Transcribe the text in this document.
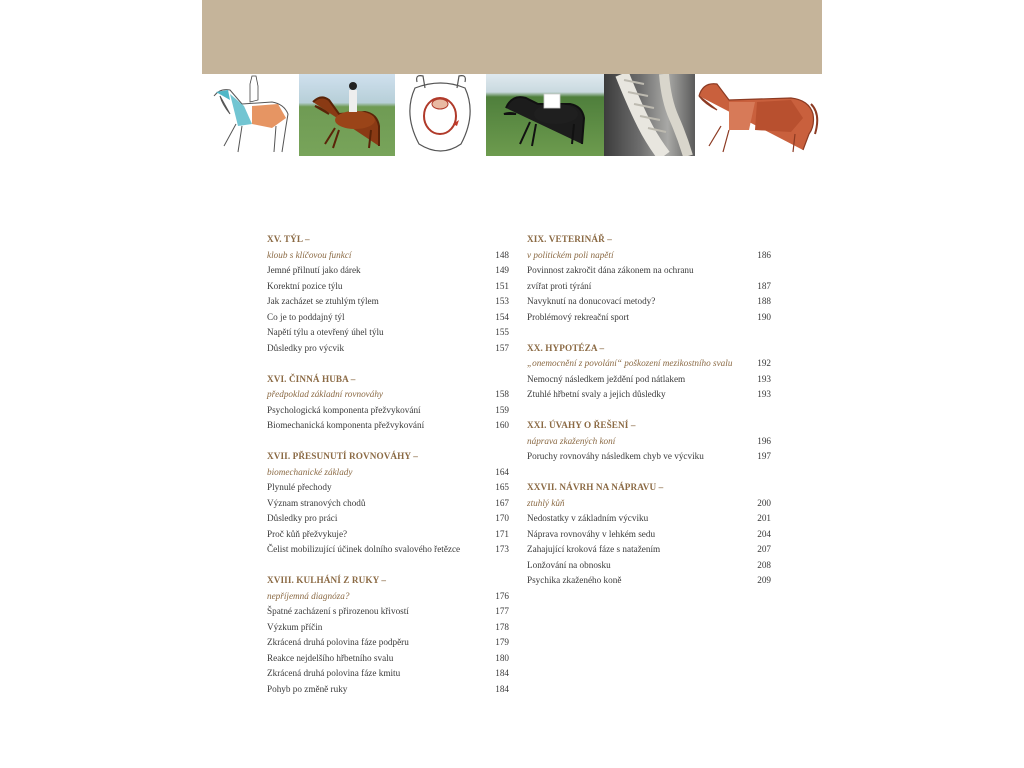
XV. TÝL –
kloub s klíčovou funkcí	148
Jemné přilnutí jako dárek	149
Korektní pozice týlu	151
Jak zacházet se ztuhlým týlem	153
Co je to poddajný týl	154
Napětí týlu a otevřený úhel týlu	155
Důsledky pro výcvik	157
XVI. ČINNÁ HUBA –
předpoklad základní rovnováhy	158
Psychologická komponenta přežvykování	159
Biomechanická komponenta přežvykování	160
XVII. PŘESUNUTÍ ROVNOVÁHY –
biomechanické základy	164
Plynulé přechody	165
Význam stranových chodů	167
Důsledky pro práci	170
Proč kůň přežvykuje?	171
Čelist mobilizující účinek dolního svalového řetězce	173
XVIII. KULHÁNÍ Z RUKY –
nepříjemná diagnóza?	176
Špatné zacházení s přirozenou křivostí	177
Výzkum příčin	178
Zkrácená druhá polovina fáze podpěru	179
Reakce nejdelšího hřbetního svalu	180
Zkrácená druhá polovina fáze kmitu	184
Pohyb po změně ruky	184
XIX. VETERINÁŘ –
v politickém poli napětí	186
Povinnost zakročit dána zákonem na ochranu
zvířat proti týrání	187
Navyknutí na donucovací metody?	188
Problémový rekreační sport	190
XX. HYPOTÉZA –
„onemocnění z povolání“ poškození mezikostního svalu	192
Nemocný následkem ježdění pod nátlakem	193
Ztuhlé hřbetní svaly a jejich důsledky	193
XXI. ÚVAHY O ŘEŠENÍ –
náprava zkažených koní	196
Poruchy rovnováhy následkem chyb ve výcviku	197
XXVII. NÁVRH NA NÁPRAVU –
ztuhlý kůň	200
Nedostatky v základním výcviku	201
Náprava rovnováhy v lehkém sedu	204
Zahajující kroková fáze s natažením	207
Lonžování na obnosku	208
Psychika zkaženého koně	209
